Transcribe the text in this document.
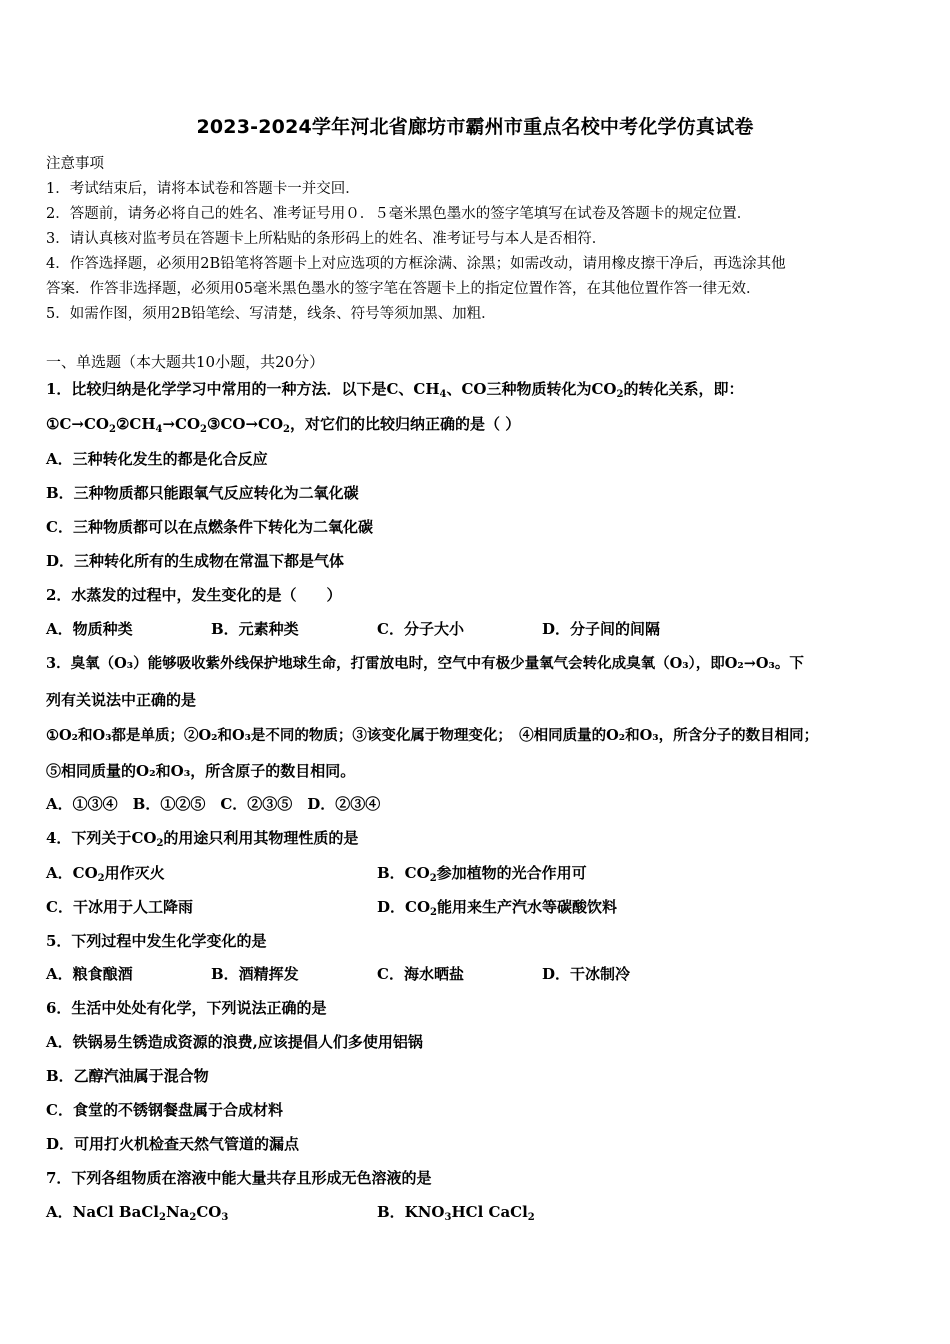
2023-2024学年河北省廊坊市霸州市重点名校中考化学仿真试卷
注意事项
1．考试结束后，请将本试卷和答题卡一并交回．
2．答题前，请务必将自己的姓名、准考证号用０．５毫米黑色墨水的签字笔填写在试卷及答题卡的规定位置．
3．请认真核对监考员在答题卡上所粘贴的条形码上的姓名、准考证号与本人是否相符．
4．作答选择题，必须用2B铅笔将答题卡上对应选项的方框涂满、涂黑；如需改动，请用橡皮擦干净后，再选涂其他
答案．作答非选择题，必须用05毫米黑色墨水的签字笔在答题卡上的指定位置作答，在其他位置作答一律无效．
5．如需作图，须用2B铅笔绘、写清楚，线条、符号等须加黑、加粗．
一、单选题（本大题共10小题，共20分）
1．比较归纳是化学学习中常用的一种方法．以下是C、$CH_4$、CO三种物质转化为$CO_2$的转化关系，即：
$①C\to CO_2②CH_4\to CO_2③CO\to CO_2$，对它们的比较归纳正确的是（ ）
A．三种转化发生的都是化合反应
B．三种物质都只能跟氧气反应转化为二氧化碳
C．三种物质都可以在点燃条件下转化为二氧化碳
D．三种转化所有的生成物在常温下都是气体
2．水蒸发的过程中，发生变化的是（　　）
A．物质种类	B．元素种类	C．分子大小	D．分子间的间隔
3．臭氧（O₃）能够吸收紫外线保护地球生命，打雷放电时，空气中有极少量氧气会转化成臭氧（O₃），即O₂→O₃。下
列有关说法中正确的是
①O₂和O₃都是单质；②O₂和O₃是不同的物质；③该变化属于物理变化；　④相同质量的O₂和O₃，所含分子的数目相同；
⑤相同质量的O₂和O₃，所含原子的数目相同。
A．①③④　B．①②⑤　C．②③⑤　D．②③④
4．下列关于$CO_2$的用途只利用其物理性质的是
A．$CO_2$用作灭火	B．$CO_2$参加植物的光合作用可
C．干冰用于人工降雨	D．$CO_2$能用来生产汽水等碳酸饮料
5．下列过程中发生化学变化的是
A．粮食酿酒	B．酒精挥发	C．海水晒盐	D．干冰制冷
6．生活中处处有化学，下列说法正确的是
A．铁锅易生锈造成资源的浪费,应该提倡人们多使用铝锅
B．乙醇汽油属于混合物
C．食堂的不锈钢餐盘属于合成材料
D．可用打火机检查天然气管道的漏点
7．下列各组物质在溶液中能大量共存且形成无色溶液的是
A．NaCl $BaCl_2Na_2CO_3$	B．$KNO_3HCl$ CaCl$_2$
